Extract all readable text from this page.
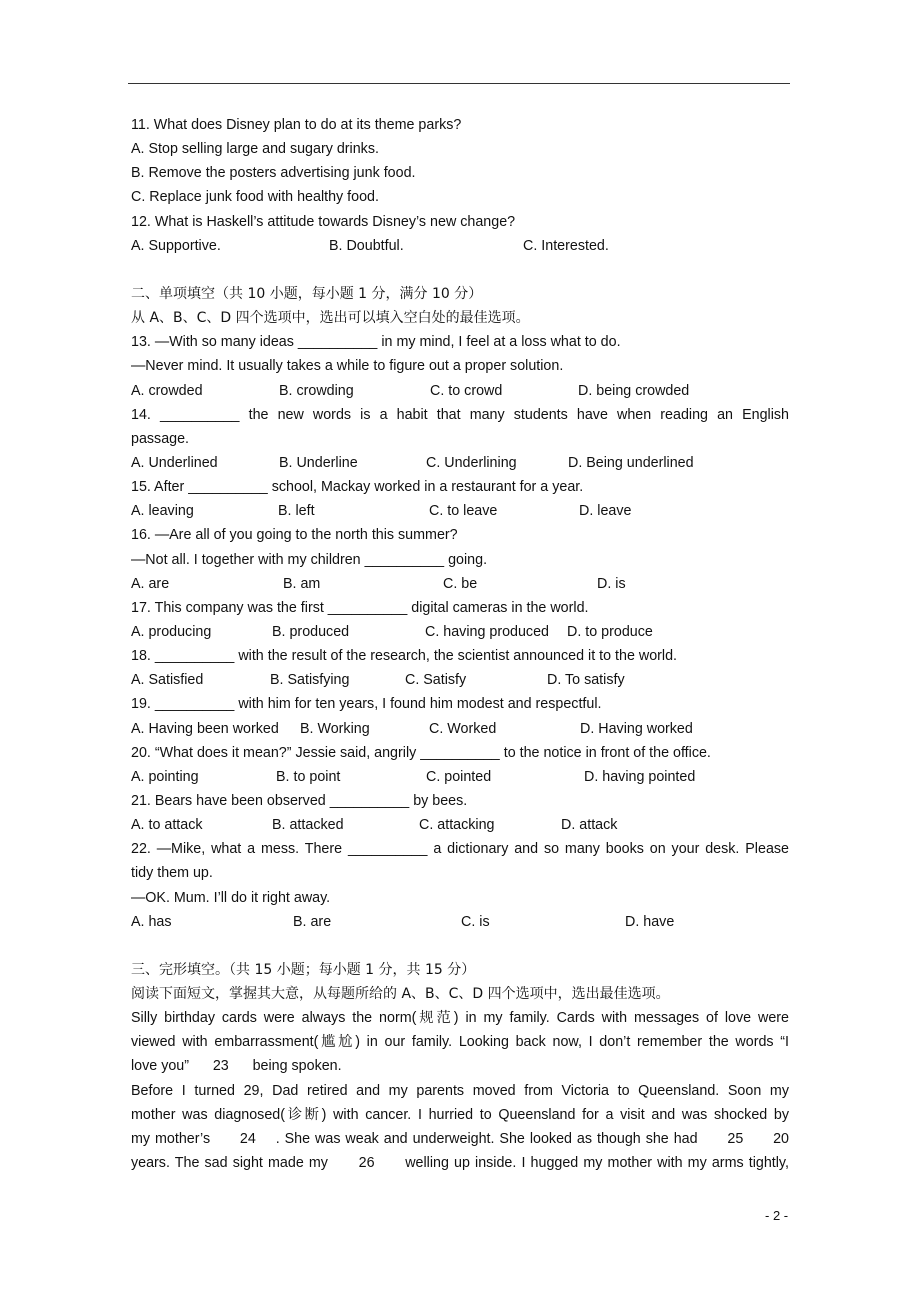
11. What does Disney plan to do at its theme parks?
A. Stop selling large and sugary drinks.
B. Remove the posters advertising junk food.
C. Replace junk food with healthy food.
12. What is Haskell’s attitude towards Disney’s new change?
A. Supportive.	B. Doubtful.	C. Interested.
二、单项填空（共 10 小题，每小题 1 分，满分 10 分）
从 A、B、C、D 四个选项中，选出可以填入空白处的最佳选项。
13. —With so many ideas __________ in my mind, I feel at a loss what to do.
—Never mind. It usually takes a while to figure out a proper solution.
A. crowded	B. crowding	C. to crowd	D. being crowded
14. __________ the new words is a habit that many students have when reading an English
passage.
A. Underlined	B. Underline	C. Underlining	D. Being underlined
15. After __________ school, Mackay worked in a restaurant for a year.
A. leaving	B. left	C. to leave	D. leave
16. —Are all of you going to the north this summer?
—Not all. I together with my children __________ going.
A. are	B. am	C. be	D. is
17. This company was the first __________ digital cameras in the world.
A. producing	B. produced	C. having produced D. to produce
18. __________ with the result of the research, the scientist announced it to the world.
A. Satisfied	B. Satisfying	C. Satisfy	D. To satisfy
19. __________ with him for ten years, I found him modest and respectful.
A. Having been worked B. Working	C. Worked	D. Having worked
20. “What does it mean?” Jessie said, angrily __________ to the notice in front of the office.
A. pointing	B. to point	C. pointed	D. having pointed
21. Bears have been observed __________ by bees.
A. to attack	B. attacked	C. attacking	D. attack
22. —Mike, what a mess. There __________ a dictionary and so many books on your desk. Please
tidy them up.
—OK. Mum. I’ll do it right away.
A. has	B. are	C. is	D. have
三、完形填空。（共 15 小题；每小题 1 分，共 15 分）
阅读下面短文，掌握其大意，从每题所给的 A、B、C、D 四个选项中，选出最佳选项。
Silly birthday cards were always the norm(规范) in my family. Cards with messages of love were
viewed with embarrassment(尴尬) in our family. Looking back now, I don’t remember the words “I
love you”      23      being spoken.
Before I turned 29, Dad retired and my parents moved from Victoria to Queensland. Soon my
mother was diagnosed(诊断) with cancer. I hurried to Queensland for a visit and was shocked by
my mother’s      24    . She was weak and underweight. She looked as though she had      25      20
years. The sad sight made my      26      welling up inside. I hugged my mother with my arms tightly,
- 2 -
